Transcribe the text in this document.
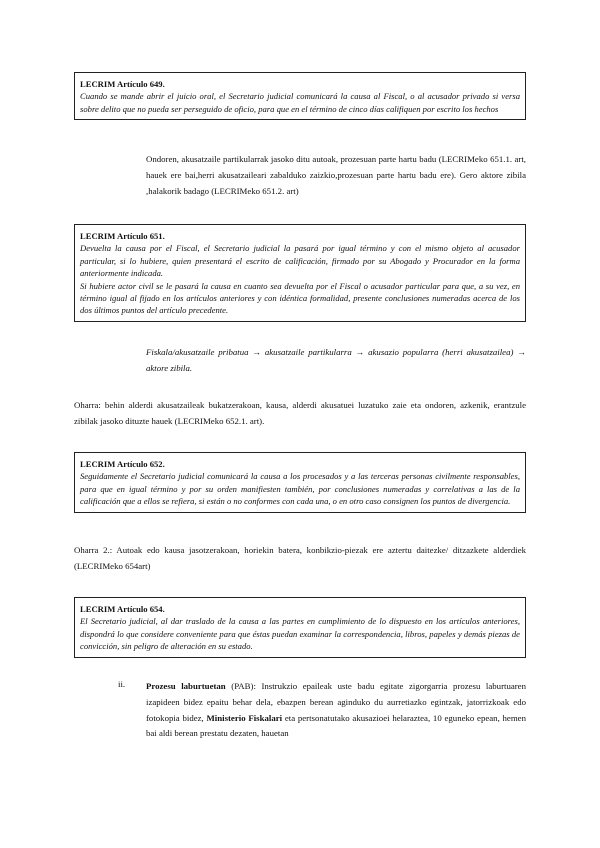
LECRIM Artículo 649.
Cuando se mande abrir el juicio oral, el Secretario judicial comunicará la causa al Fiscal, o al acusador privado si versa sobre delito que no pueda ser perseguido de oficio, para que en el término de cinco días califiquen por escrito los hechos
Ondoren, akusatzaile partikularrak jasoko ditu autoak, prozesuan parte hartu badu (LECRIMeko 651.1. art, hauek ere bai,herri akusatzaileari zabalduko zaizkio,prozesuan parte hartu badu ere). Gero aktore zibila ,halakorik badago (LECRIMeko 651.2. art)
LECRIM Artículo 651.
Devuelta la causa por el Fiscal, el Secretario judicial la pasará por igual término y con el mismo objeto al acusador particular, si lo hubiere, quien presentará el escrito de calificación, firmado por su Abogado y Procurador en la forma anteriormente indicada.
Si hubiere actor civil se le pasará la causa en cuanto sea devuelta por el Fiscal o acusador particular para que, a su vez, en término igual al fijado en los artículos anteriores y con idéntica formalidad, presente conclusiones numeradas acerca de los dos últimos puntos del artículo precedente.
Fiskala/akusatzaile pribatua → akusatzaile partikularra → akusazio popularra (herri akusatzailea) → aktore zibila.
Oharra: behin alderdi akusatzaileak bukatzerakoan, kausa, alderdi akusatuei luzatuko zaie eta ondoren, azkenik, erantzule zibilak jasoko dituzte hauek (LECRIMeko 652.1. art).
LECRIM Artículo 652.
Seguidamente el Secretario judicial comunicará la causa a los procesados y a las terceras personas civilmente responsables, para que en igual término y por su orden manifiesten también, por conclusiones numeradas y correlativas a las de la calificación que a ellos se refiera, si están o no conformes con cada una, o en otro caso consignen los puntos de divergencia.
Oharra 2.: Autoak edo kausa jasotzerakoan, horiekin batera, konbikzio-piezak ere aztertu daitezke/ ditzazkete alderdiek (LECRIMeko 654art)
LECRIM Artículo 654.
El Secretario judicial, al dar traslado de la causa a las partes en cumplimiento de lo dispuesto en los artículos anteriores, dispondrá lo que considere conveniente para que éstas puedan examinar la correspondencia, libros, papeles y demás piezas de convicción, sin peligro de alteración en su estado.
ii. Prozesu laburtuetan (PAB): Instrukzio epaileak uste badu egitate zigorgarria prozesu laburtuaren izapideen bidez epaitu behar dela, ebazpen berean aginduko du aurretiazko egintzak, jatorrizkoak edo fotokopia bidez, Ministerio Fiskalari eta pertsonatutako akusazioei helaraztea, 10 eguneko epean, hemen bai aldi berean prestatu dezaten, hauetan
